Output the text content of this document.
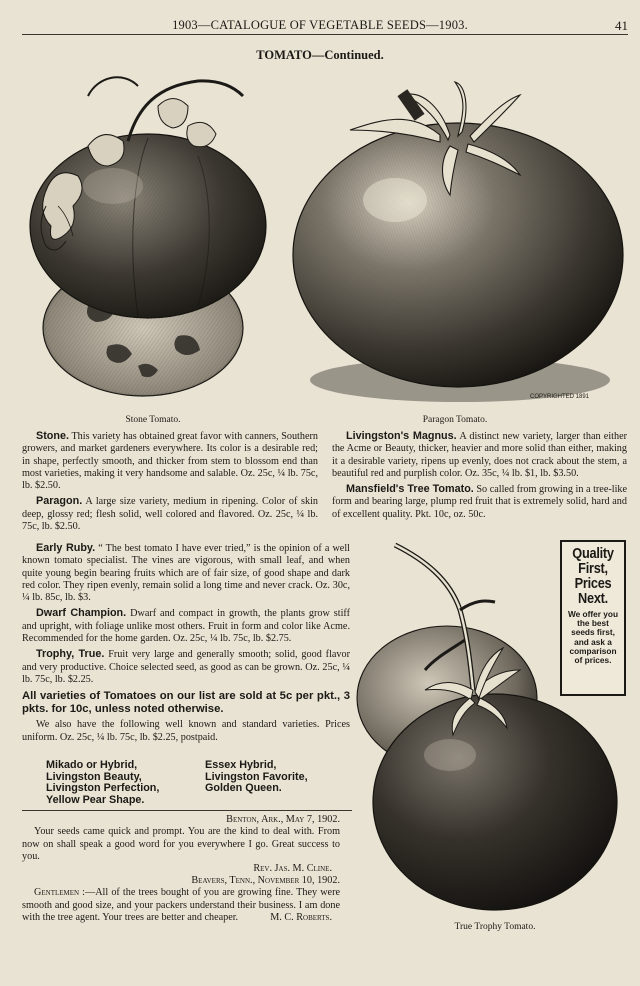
1903—CATALOGUE OF VEGETABLE SEEDS—1903.	41
TOMATO—Continued.
Stone Tomato.
COPYRIGHTED 1891
Paragon Tomato.

Stone. This variety has obtained great favor with canners, Southern growers, and market gardeners everywhere. Its color is a desirable red; in shape, perfectly smooth, and thicker from stem to blossom end than most varieties, making it very handsome and salable. Oz. 25c, ¼ lb. 75c, lb. $2.50.

Paragon. A large size variety, medium in ripening. Color of skin deep, glossy red; flesh solid, well colored and flavored. Oz. 25c, ¼ lb. 75c, lb. $2.50.

Livingston's Magnus. A distinct new variety, larger than either the Acme or Beauty, thicker, heavier and more solid than either, making it a desirable variety, ripens up evenly, does not crack about the stem, a beautiful red and purplish color. Oz. 35c, ¼ lb. $1, lb. $3.50.

Mansfield's Tree Tomato. So called from growing in a tree-like form and bearing large, plump red fruit that is extremely solid, hard and of excellent quality. Pkt. 10c, oz. 50c.

Early Ruby. “ The best tomato I have ever tried,” is the opinion of a well known tomato specialist. The vines are vigorous, with small leaf, and when quite young begin bearing fruits which are of fair size, of good shape and dark red color. They ripen evenly, remain solid a long time and never crack. Oz. 30c, ¼ lb. 85c, lb. $3.

Dwarf Champion. Dwarf and compact in growth, the plants grow stiff and upright, with foliage unlike most others. Fruit in form and color like Acme. Recommended for the home garden. Oz. 25c, ¼ lb. 75c, lb. $2.75.

Trophy, True. Fruit very large and generally smooth; solid, good flavor and very productive. Choice selected seed, as good as can be grown. Oz. 25c, ¼ lb. 75c, lb. $2.25.

All varieties of Tomatoes on our list are sold at 5c per pkt., 3 pkts. for 10c, unless noted otherwise.

We also have the following well known and standard varieties. Prices uniform. Oz. 25c, ¼ lb. 75c, lb. $2.25, postpaid.

Mikado or Hybrid,
Livingston Beauty,
Livingston Perfection,
Yellow Pear Shape.
Essex Hybrid,
Livingston Favorite,
Golden Queen.

Benton, Ark., May 7, 1902.

Your seeds came quick and prompt. You are the kind to deal with. From now on shall speak a good word for you everywhere I go. Great success to you.

Rev. Jas. M. Cline.

Beavers, Tenn., November 10, 1902.

Gentlemen :—All of the trees bought of you are growing fine. They were smooth and good size, and your packers understand their business. I am done with the tree agent. Your trees are better and cheaper.	M. C. Roberts.

Quality
First,
Prices
Next.
We offer you the best seeds first, and ask a comparison of prices.
True Trophy Tomato.
